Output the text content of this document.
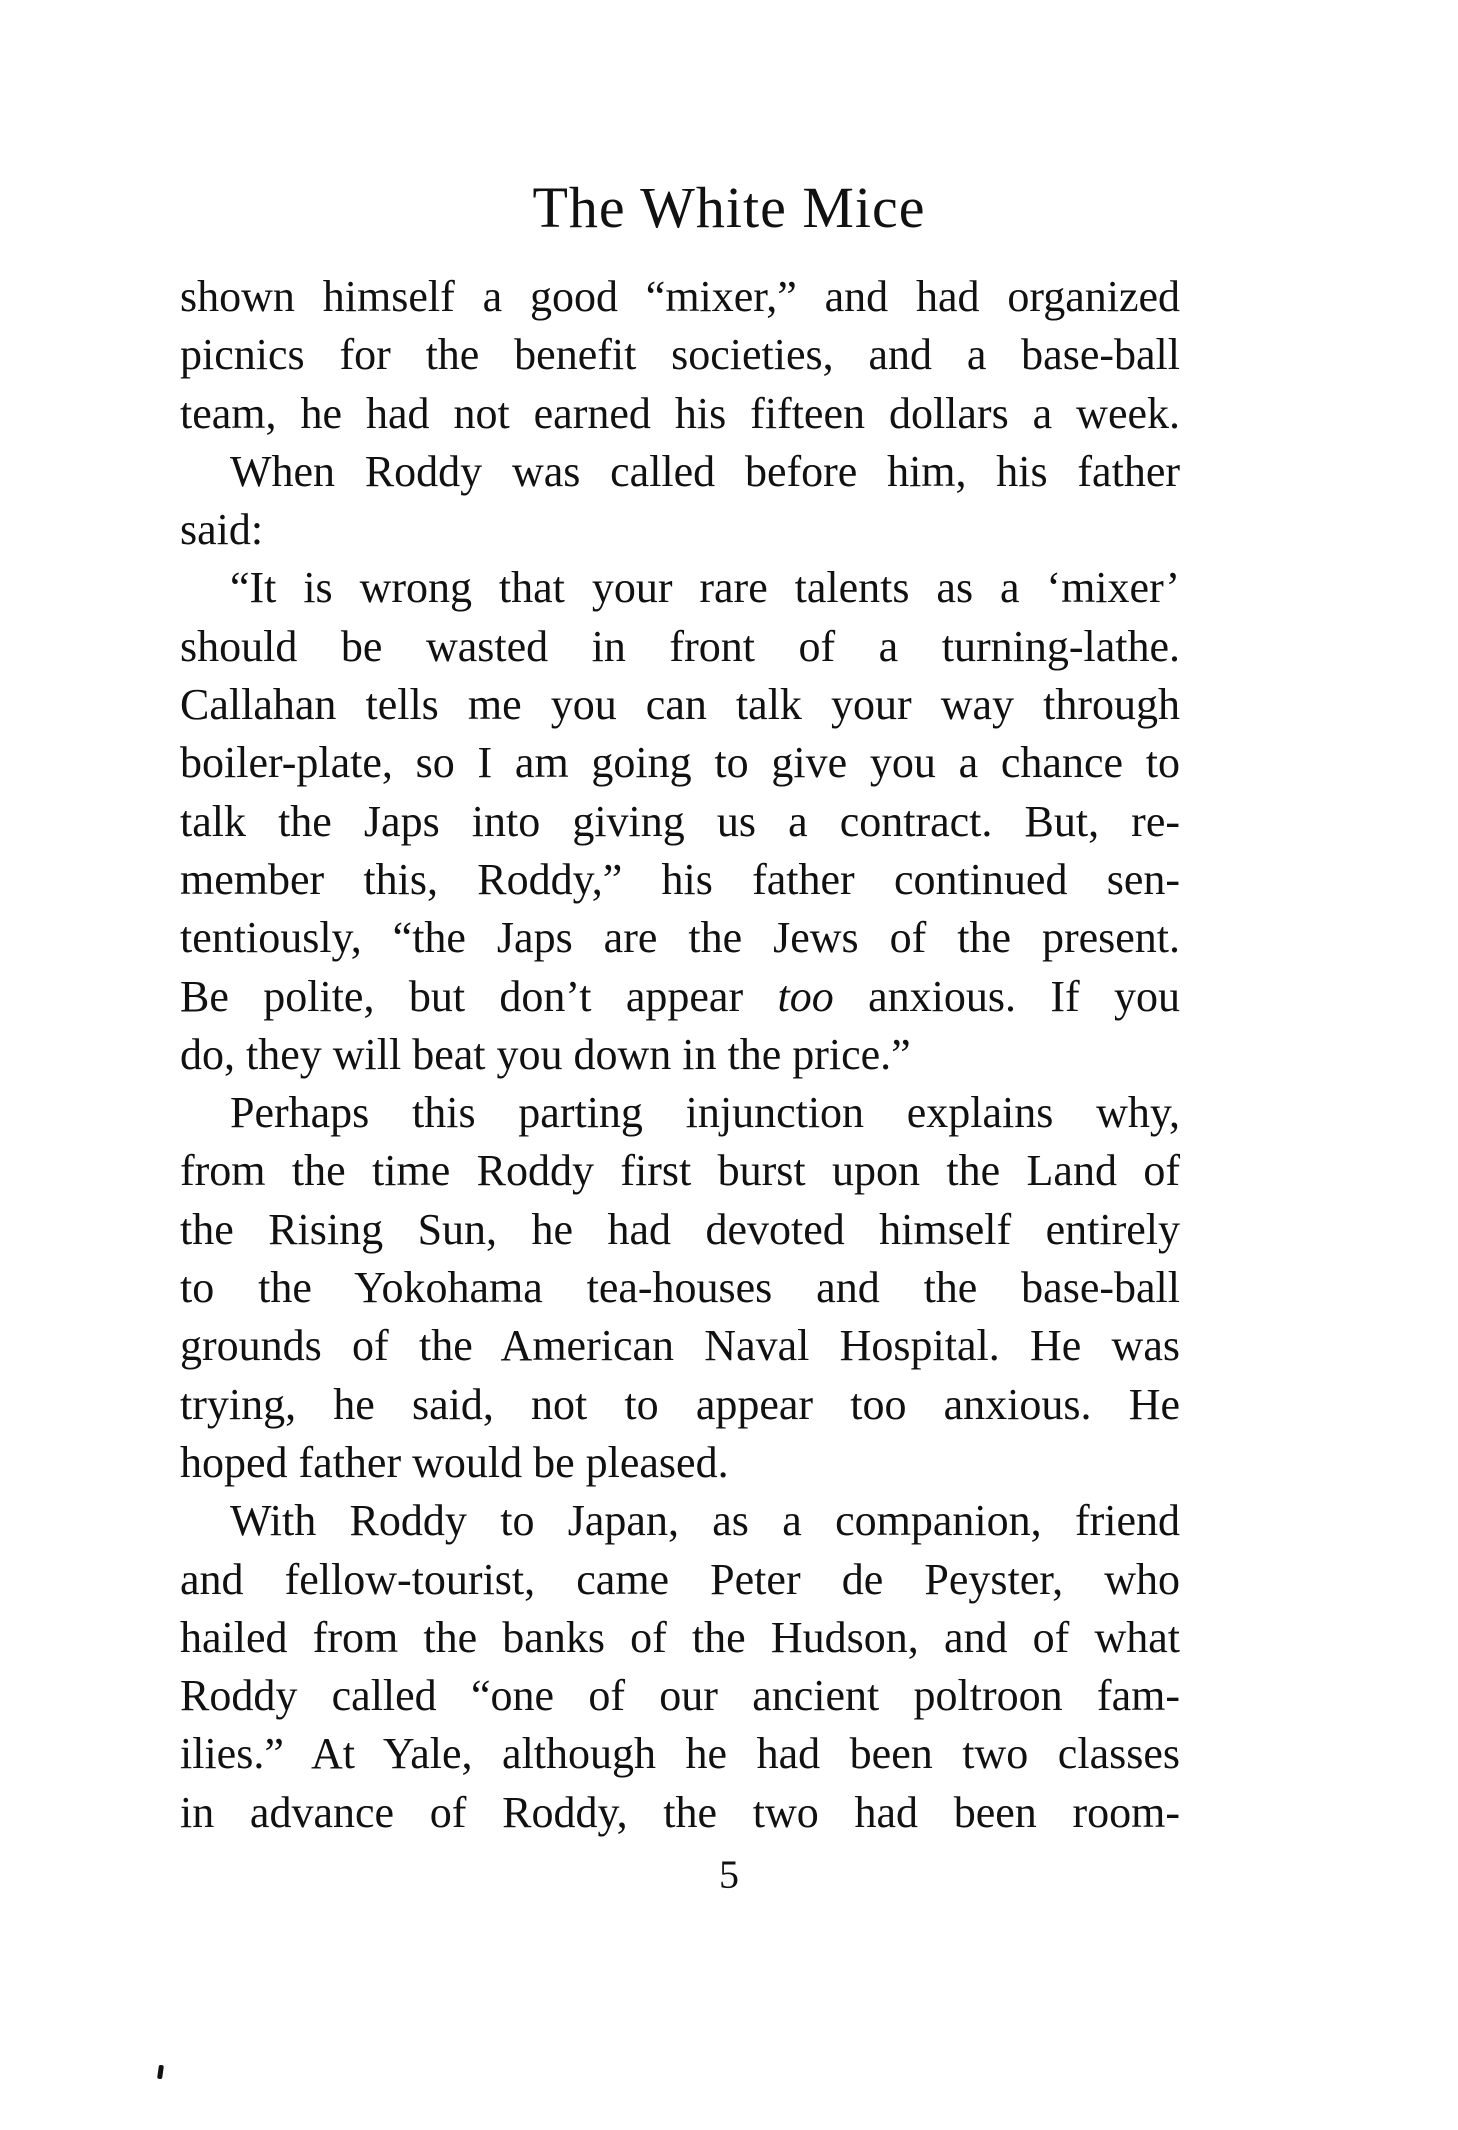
The White Mice
shown himself a good “mixer,” and had organized
picnics for the benefit societies, and a base-ball
team, he had not earned his fifteen dollars a week.
When Roddy was called before him, his father
said:
“It is wrong that your rare talents as a ‘mixer’
should be wasted in front of a turning-lathe.
Callahan tells me you can talk your way through
boiler-plate, so I am going to give you a chance to
talk the Japs into giving us a contract. But, re-
member this, Roddy,” his father continued sen-
tentiously, “the Japs are the Jews of the present.
Be polite, but don’t appear too anxious. If you
do, they will beat you down in the price.”
Perhaps this parting injunction explains why,
from the time Roddy first burst upon the Land of
the Rising Sun, he had devoted himself entirely
to the Yokohama tea-houses and the base-ball
grounds of the American Naval Hospital. He was
trying, he said, not to appear too anxious. He
hoped father would be pleased.
With Roddy to Japan, as a companion, friend
and fellow-tourist, came Peter de Peyster, who
hailed from the banks of the Hudson, and of what
Roddy called “one of our ancient poltroon fam-
ilies.” At Yale, although he had been two classes
in advance of Roddy, the two had been room-
5
